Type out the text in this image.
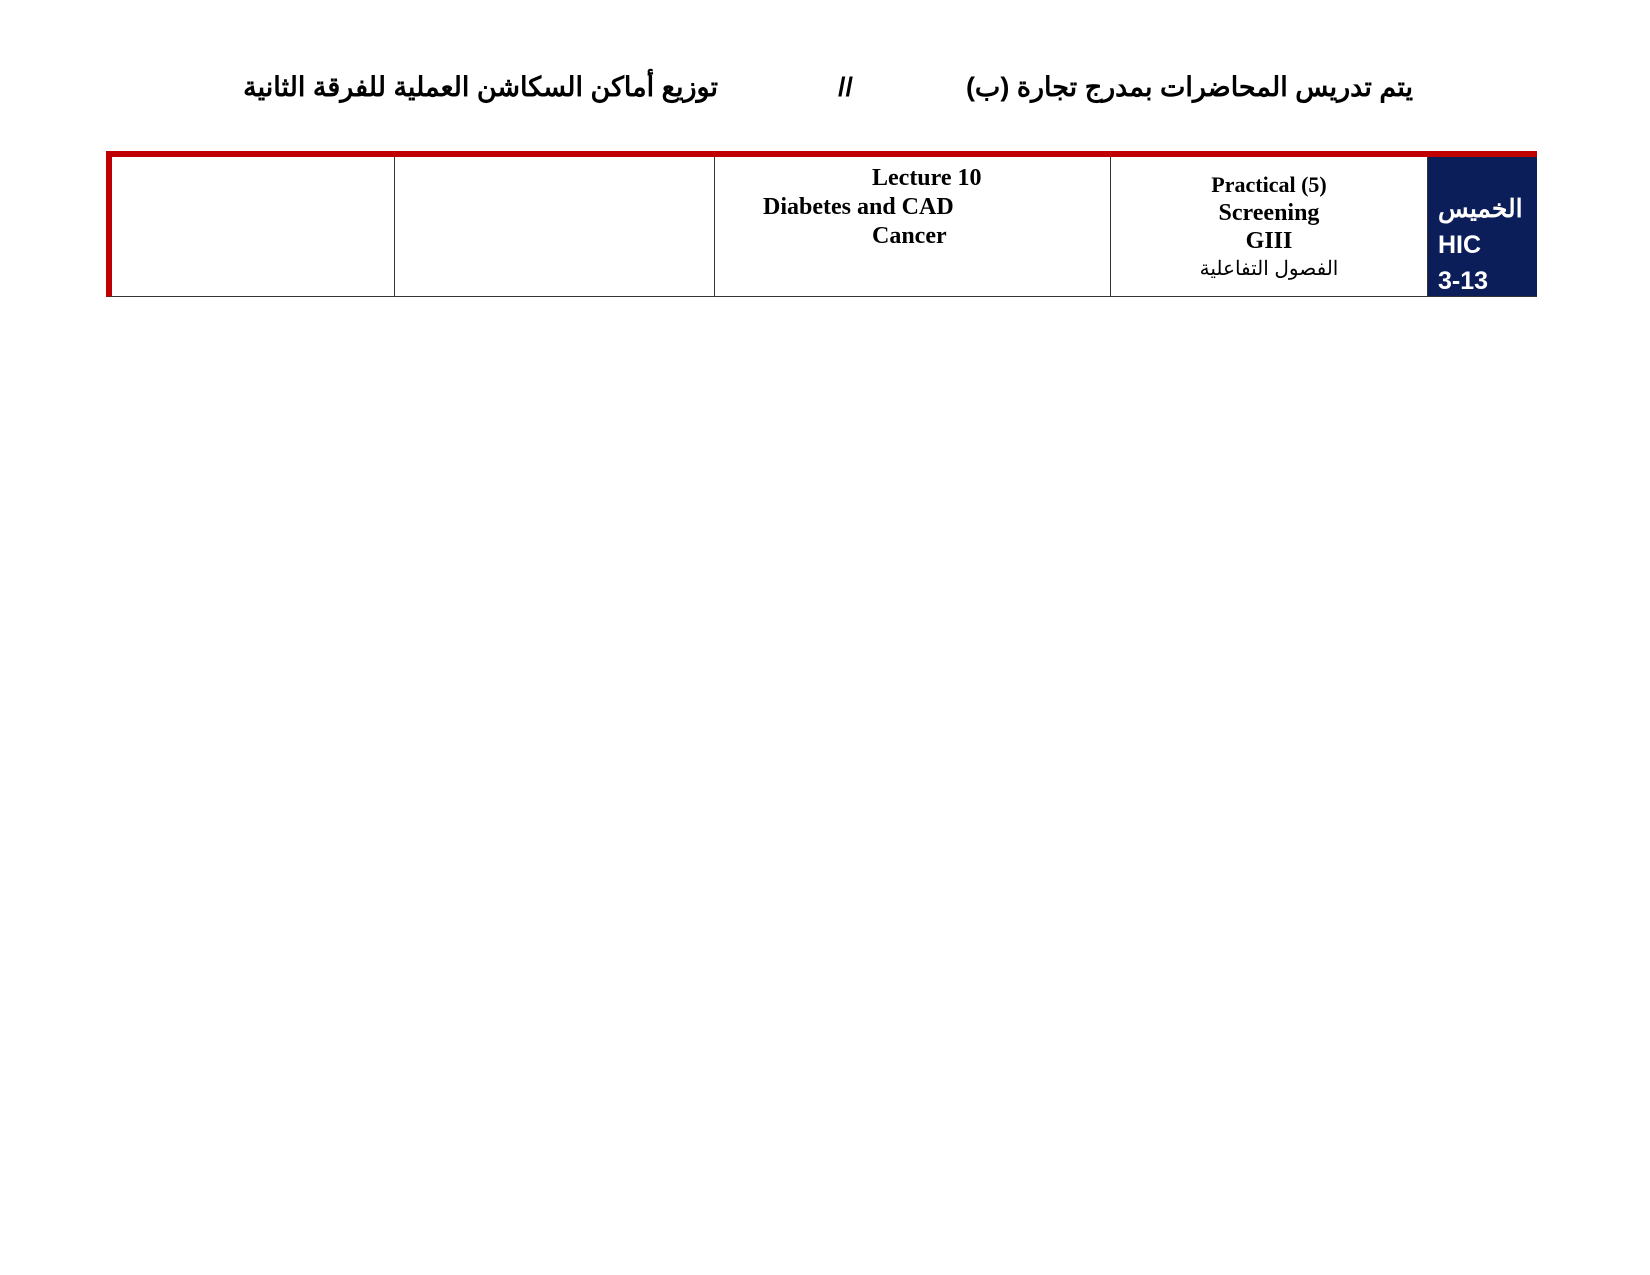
يتم تدريس المحاضرات بمدرج تجارة (ب)
//
توزيع أماكن السكاشن العملية للفرقة الثانية
Lecture 10
Diabetes and CAD
Cancer
Practical (5)
Screening
GIII
الفصول التفاعلية
الخميس
HIC
3-13
